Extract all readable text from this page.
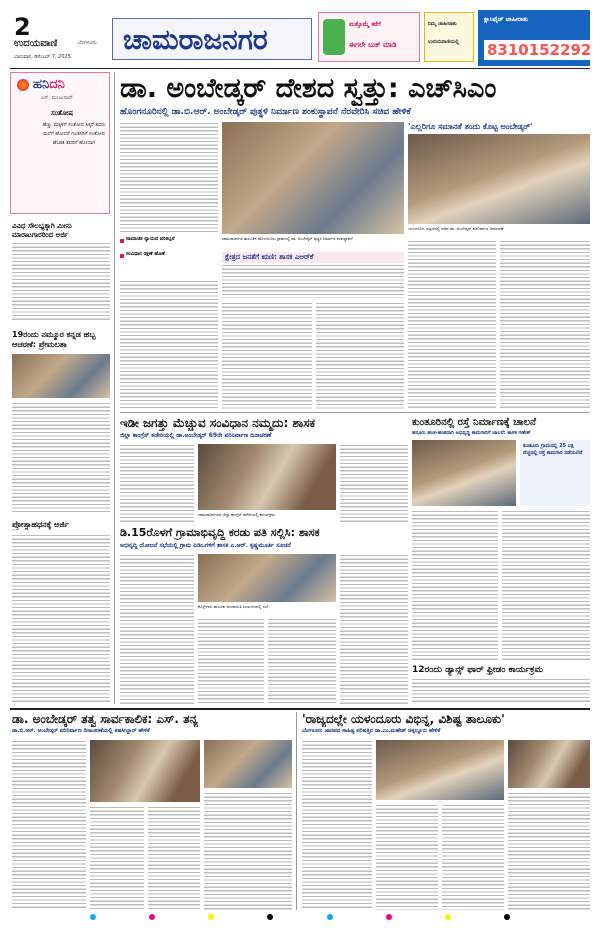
2
ಉದಯವಾಣಿ	ಬೆಂಗಳೂರು
ಭಾನುವಾರ, ಡಿಸೆಂಬರ್ 7, 2025
ಚಾಮರಾಜನಗರ	ಮತ್ತೊಮ್ಮೆ ಕರೆಗೆ
ಈಗಲೇ ಬುಕ್ ಮಾಡಿ
ನಿಮ್ಮ ಜಾಹೀರಾತು
ಉದಯವಾಣಿಯಲ್ಲಿ
ಕ್ಲಾಸಿಫೈಡ್ ಜಾಹೀರಾತು
8310152292
ಹನಿದನಿ
ಎಸ್. ಮಂಜುನಾಥ್
ಸಂತೋಷ
ಹೆಣ್ಣು ಮಕ್ಕಳಿಗೆ ಸಂತೋಷ ಸಿಕ್ಕರೆ ತವರು ಮನೆಗೆ ಹೋದರೆ ಗಂಡಸರಿಗೆ ಸಂತೋಷ ಹೆಂಡತಿ ತವರಿಗೆ ಹೋದಾಗ
ವಿವಿಧ ಸೌಲಭ್ಯಕ್ಕಾಗಿ ಮೀನು ಮಾರಾಟಗಾರರಿಂದ ಅರ್ಜಿ
19ರಂದು ನಮ್ಮೂರ ಕನ್ನಡ ಹಬ್ಬ ಆಚರಣೆ: ಪ್ರೇಮಲತಾ
ಪ್ರೋತ್ಸಾಹಧನಕ್ಕೆ ಅರ್ಜಿ
ಡಾ. ಅಂಬೇಡ್ಕರ್ ದೇಶದ ಸ್ವತ್ತು: ಎಚ್‌ಸಿಎಂ
ಹೊಂಗನೂರಿನಲ್ಲಿ ಡಾ.ಬಿ.ಆರ್. ಅಂಬೇಡ್ಕರ್ ಪುತ್ಥಳಿ ನಿರ್ಮಾಣ ಶಂಕುಸ್ಥಾಪನೆ ನೆರವೇರಿಸಿ ಸಚಿವ ಹೇಳಿಕೆ
ಚಾಮರಾಜನಗರ ತಾಲೂಕಿನ ಹೊಂಗನೂರು ಗ್ರಾಮದಲ್ಲಿ ಡಾ. ಅಂಬೇಡ್ಕರ್ ಪುತ್ಥಳಿ ನಿರ್ಮಾಣ ಶಂಕುಸ್ಥಾಪನೆ
ಸಾಮಾಜಿಕ ನ್ಯಾಯದ ಪರಿಕಲ್ಪನೆ
ಸಂವಿಧಾನ ರಕ್ಷಣೆ ಹೊಣೆ	ಕ್ಷೇತ್ರದ ಜನತೆಗೆ ಋಣಿ: ಶಾಸಕ ಎಆರ್‌ಕೆ
'ಎಲ್ಲರಿಗೂ ಸಮಾನತೆ ತಂದು ಕೊಟ್ಟ ಅಂಬೇಡ್ಕರ್'
ಯಳಂದೂರು ಪಟ್ಟಣದಲ್ಲಿ ನಡೆದ ಡಾ. ಅಂಬೇಡ್ಕರ್ ಪರಿನಿರ್ವಾಣ ದಿನಾಚರಣೆ
ಇಡೀ ಜಗತ್ತು ಮೆಚ್ಚುವ ಸಂವಿಧಾನ ನಮ್ಮದು: ಶಾಸಕ
ಜಿಲ್ಲಾ ಕಾಂಗ್ರೆಸ್ ಕಚೇರಿಯಲ್ಲಿ ಡಾ.ಅಂಬೇಡ್ಕರ್ 69ನೇ ಪರಿನಿರ್ವಾಣ ದಿನಾಚರಣೆ
ಚಾಮರಾಜನಗರದ ಜಿಲ್ಲಾ ಕಾಂಗ್ರೆಸ್ ಕಚೇರಿಯಲ್ಲಿ ಕಾರ್ಯಕ್ರಮ
ಡಿ.15ರೊಳಗೆ ಗ್ರಾಮಾಭಿವೃದ್ಧಿ ಕರಡು ಪತಿ ಸಲ್ಲಿಸಿ: ಶಾಸಕ
ಅಭಿವೃದ್ಧಿ ಯೋಜನೆ ಸಭೆಯಲ್ಲಿ ಗ್ರಾಮ ಪಿಡಿಒಗಳಿಗೆ ಶಾಸಕ ಎ.ಆರ್. ಕೃಷ್ಣಮೂರ್ತಿ ಸೂಚನೆ
ಕೊಳ್ಳೇಗಾಲ ತಾಲೂಕು ಪಂಚಾಯಿತಿ ಸಭಾಂಗಣದಲ್ಲಿ ಸಭೆ
ಕುಂತೂರಿನಲ್ಲಿ ರಸ್ತೆ ನಿರ್ಮಾಣಕ್ಕೆ ಚಾಲನೆ
ಹನೂರು ಹಂತ-ಹಂತವಾಗಿ ಅಭಿವೃದ್ಧಿ ಕಾಮಗಾರಿಗೆ ಚಾಲನೆ: ಶಾಸಕ ಗಣೇಶ್
ಕುಂತೂರು ಗ್ರಾಮದಲ್ಲಿ 25 ಲಕ್ಷ ವೆಚ್ಚದಲ್ಲಿ ರಸ್ತೆ ಕಾಮಗಾರಿ ನಡೆಯಲಿದೆ
12ರಂದು ಡ್ಯಾನ್ಸ್ ಫಾರ್ ಫ್ರೀಡಂ ಕಾರ್ಯಕ್ರಮ
ಡಾ. ಅಂಬೇಡ್ಕರ್ ತತ್ವ ಸಾರ್ವಕಾಲಿಕ: ಎಸ್. ತನ್ಯ
ಡಾ.ಬಿ.ಆರ್. ಅಂಬೇಡ್ಕರ್ ಪರಿನಿರ್ವಾಣ ದಿನಾಚರಣೆಯಲ್ಲಿ ತಹಸೀಲ್ದಾರ್ ಹೇಳಿಕೆ
'ರಾಜ್ಯದಲ್ಲೇ ಯಳಂದೂರು ವಿಭಿನ್ನ, ವಿಶಿಷ್ಟ ತಾಲೂಕು'
ಬೆಂಗಳೂರು ಜಾನಪದ ಸಾಹಿತ್ಯ ಪರಿಷತ್ತಿನ ಡಾ.ಎಂ.ಮಹೇಶ್ ಚಿಕ್ಕಲ್ಲೂರು ಹೇಳಿಕೆ
